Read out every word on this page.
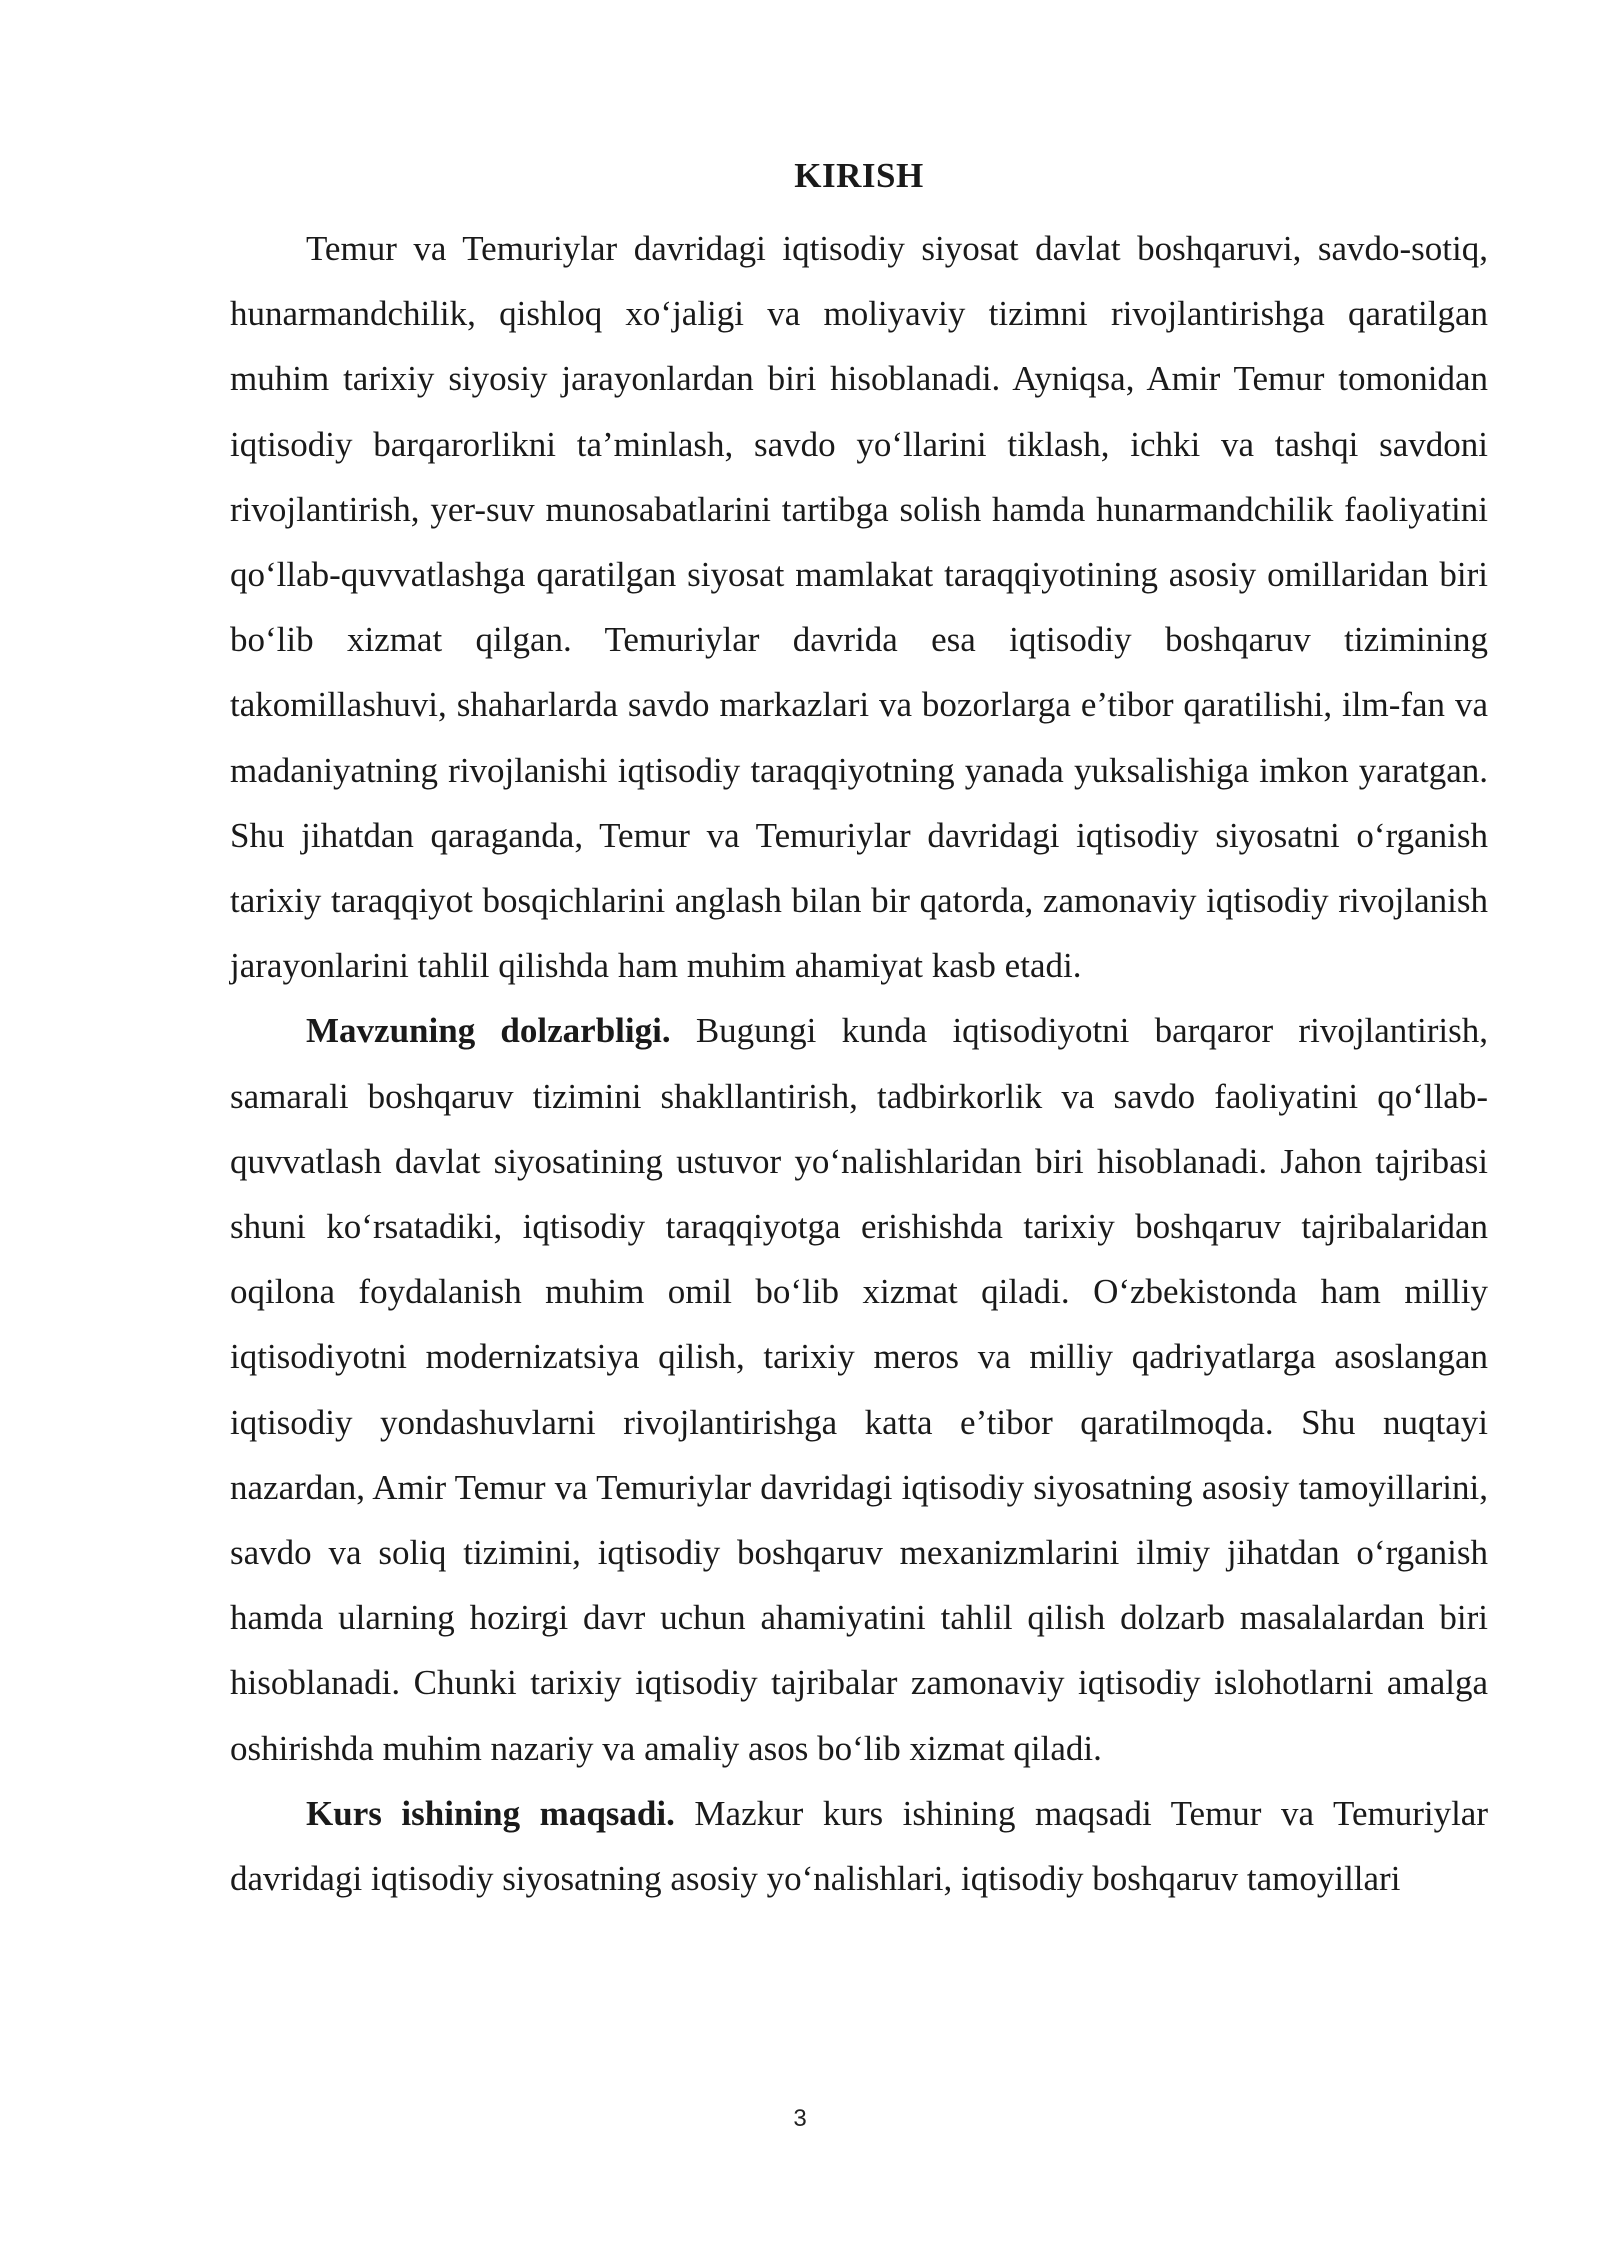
KIRISH

Temur va Temuriylar davridagi iqtisodiy siyosat davlat boshqaruvi, savdo-sotiq, hunarmandchilik, qishloq xo‘jaligi va moliyaviy tizimni rivojlantirishga qaratilgan muhim tarixiy siyosiy jarayonlardan biri hisoblanadi. Ayniqsa, Amir Temur tomonidan iqtisodiy barqarorlikni ta’minlash, savdo yo‘llarini tiklash, ichki va tashqi savdoni rivojlantirish, yer-suv munosabatlarini tartibga solish hamda hunarmandchilik faoliyatini qo‘llab-quvvatlashga qaratilgan siyosat mamlakat taraqqiyotining asosiy omillaridan biri bo‘lib xizmat qilgan. Temuriylar davrida esa iqtisodiy boshqaruv tizimining takomillashuvi, shaharlarda savdo markazlari va bozorlarga e’tibor qaratilishi, ilm-fan va madaniyatning rivojlanishi iqtisodiy taraqqiyotning yanada yuksalishiga imkon yaratgan. Shu jihatdan qaraganda, Temur va Temuriylar davridagi iqtisodiy siyosatni o‘rganish tarixiy taraqqiyot bosqichlarini anglash bilan bir qatorda, zamonaviy iqtisodiy rivojlanish jarayonlarini tahlil qilishda ham muhim ahamiyat kasb etadi.

Mavzuning dolzarbligi. Bugungi kunda iqtisodiyotni barqaror rivojlantirish, samarali boshqaruv tizimini shakllantirish, tadbirkorlik va savdo faoliyatini qo‘llab-quvvatlash davlat siyosatining ustuvor yo‘nalishlaridan biri hisoblanadi. Jahon tajribasi shuni ko‘rsatadiki, iqtisodiy taraqqiyotga erishishda tarixiy boshqaruv tajribalaridan oqilona foydalanish muhim omil bo‘lib xizmat qiladi. O‘zbekistonda ham milliy iqtisodiyotni modernizatsiya qilish, tarixiy meros va milliy qadriyatlarga asoslangan iqtisodiy yondashuvlarni rivojlantirishga katta e’tibor qaratilmoqda. Shu nuqtayi nazardan, Amir Temur va Temuriylar davridagi iqtisodiy siyosatning asosiy tamoyillarini, savdo va soliq tizimini, iqtisodiy boshqaruv mexanizmlarini ilmiy jihatdan o‘rganish hamda ularning hozirgi davr uchun ahamiyatini tahlil qilish dolzarb masalalardan biri hisoblanadi. Chunki tarixiy iqtisodiy tajribalar zamonaviy iqtisodiy islohotlarni amalga oshirishda muhim nazariy va amaliy asos bo‘lib xizmat qiladi.

Kurs ishining maqsadi. Mazkur kurs ishining maqsadi Temur va Temuriylar davridagi iqtisodiy siyosatning asosiy yo‘nalishlari, iqtisodiy boshqaruv tamoyillari

3
